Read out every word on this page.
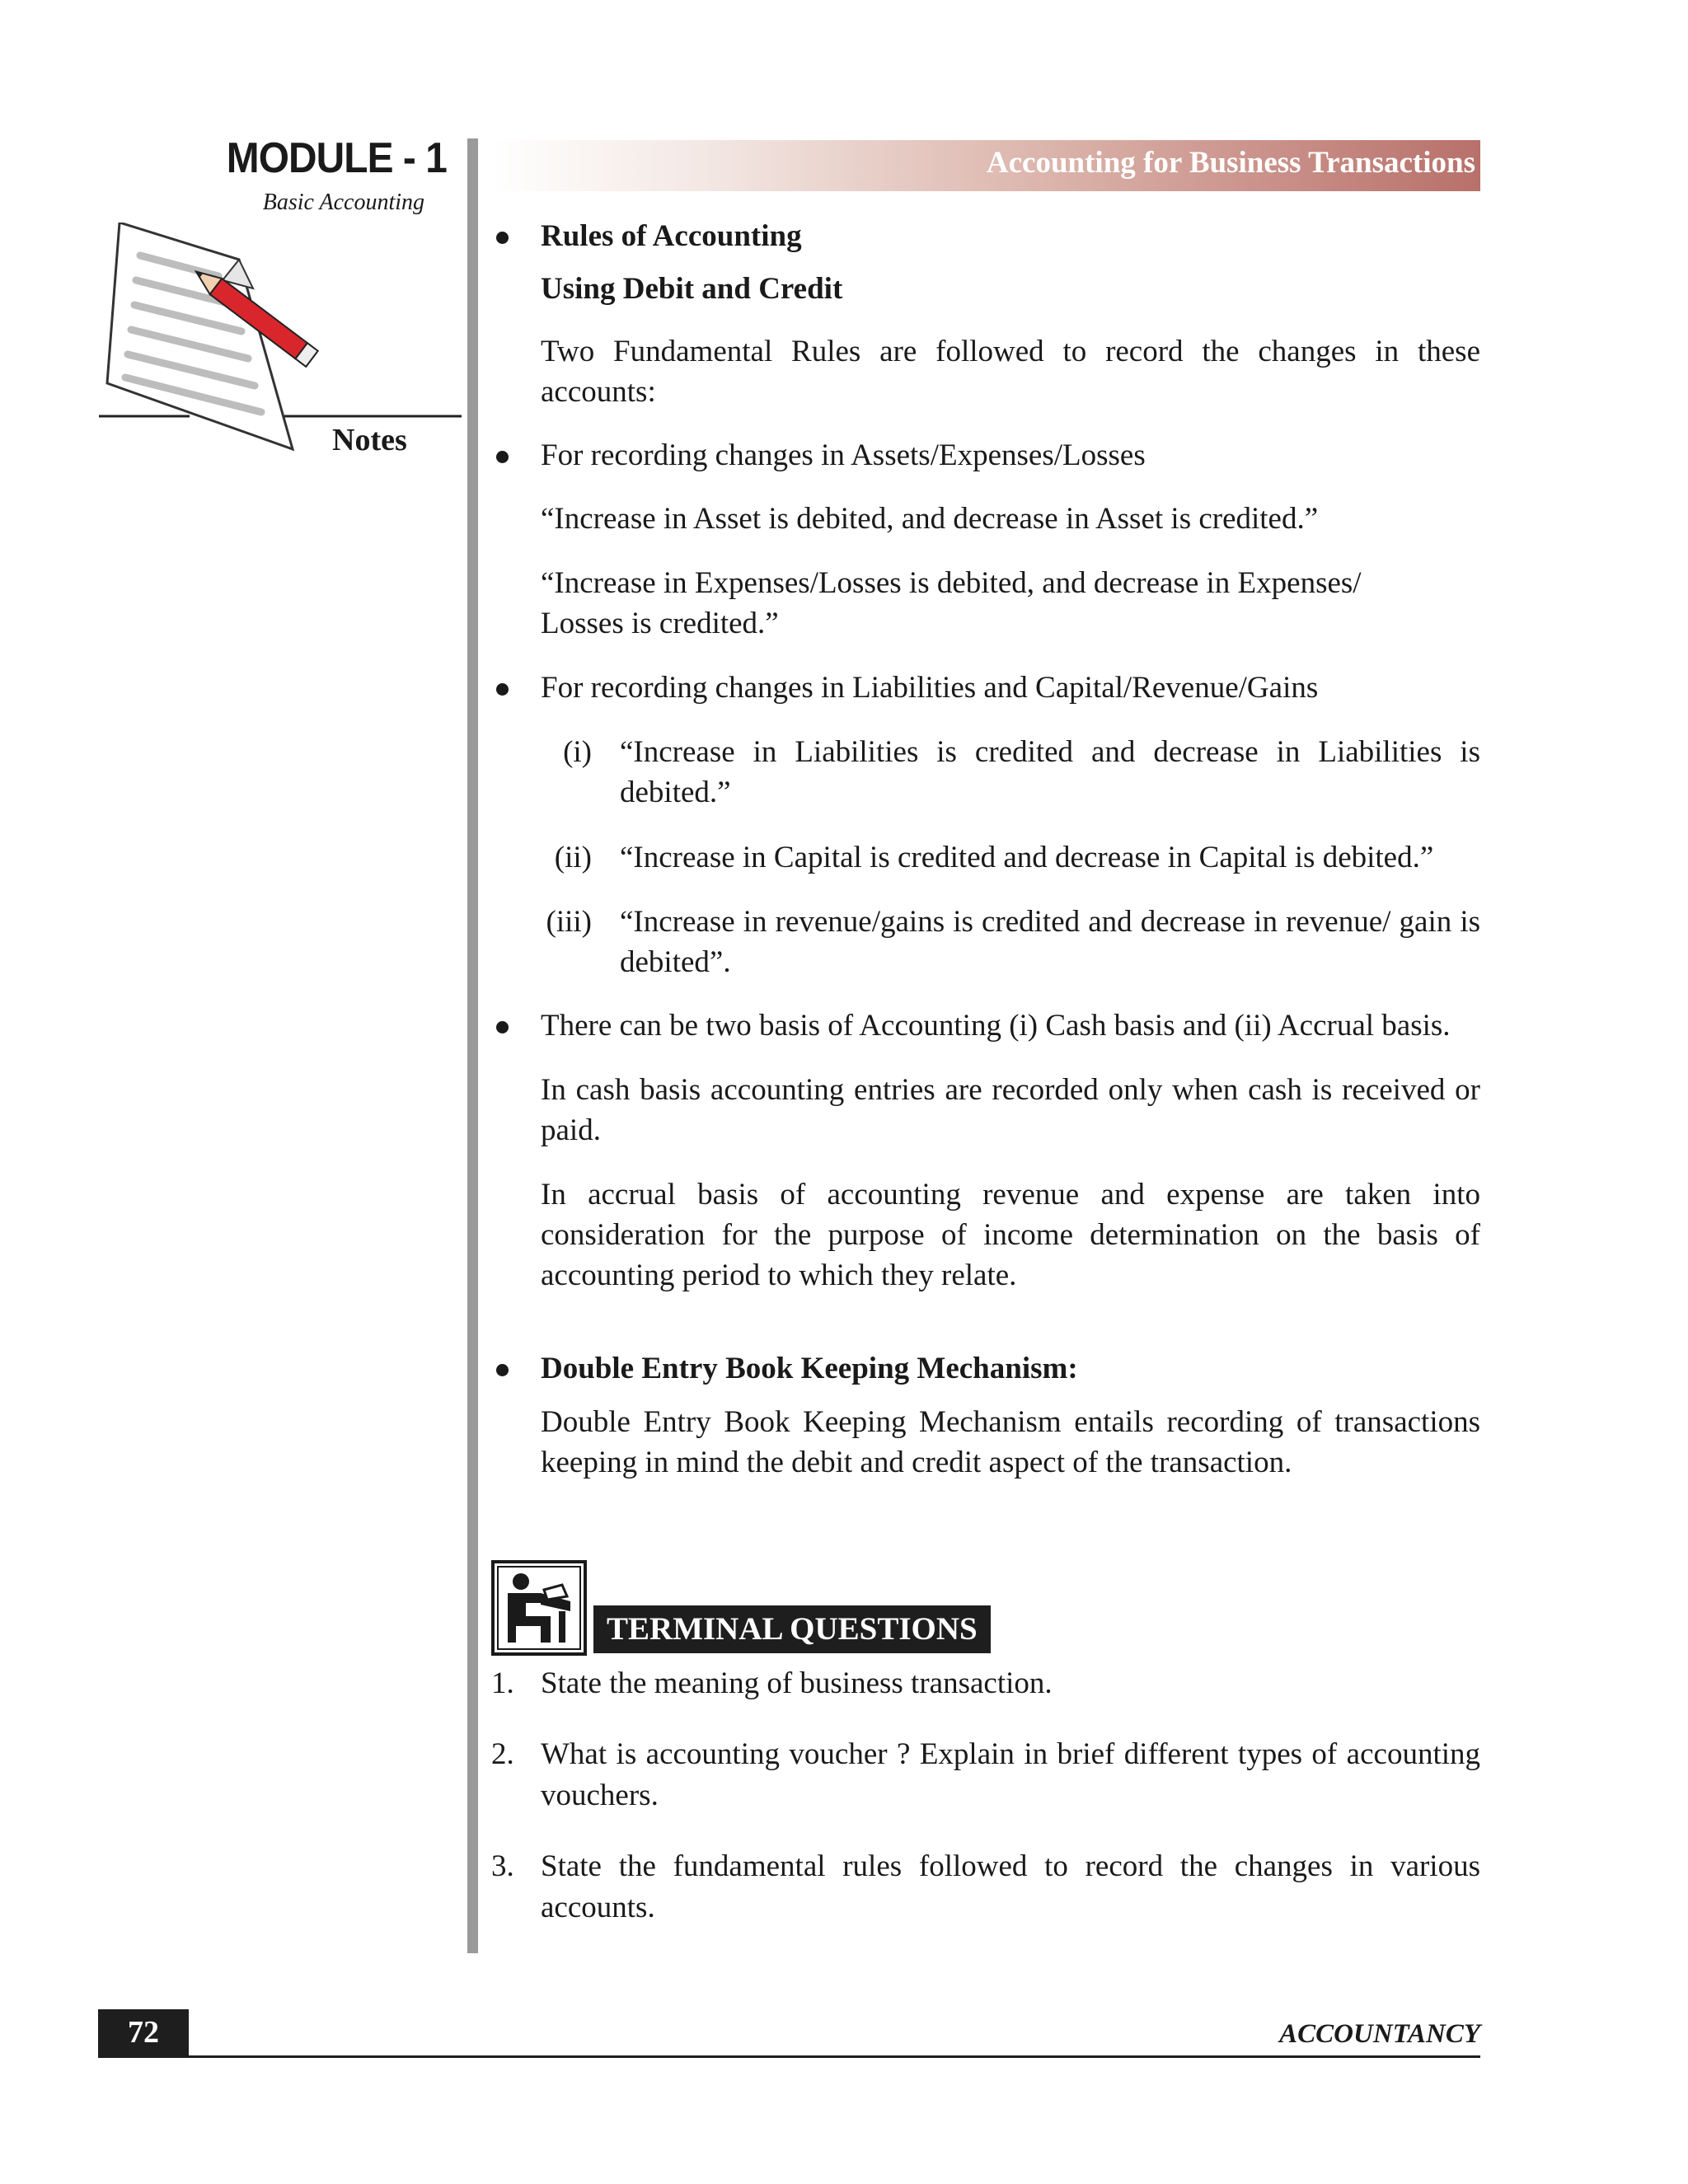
MODULE - 1
Basic Accounting
Notes
Accounting for Business Transactions
Rules of Accounting
Using Debit and Credit
Two Fundamental Rules are followed to record the changes in these accounts:
For recording changes in Assets/Expenses/Losses
“Increase in Asset is debited, and decrease in Asset is credited.”
“Increase in Expenses/Losses is debited, and decrease in Expenses/ Losses is credited.”
For recording changes in Liabilities and Capital/Revenue/Gains
(i) “Increase in Liabilities is credited and decrease in Liabilities is debited.”
(ii) “Increase in Capital is credited and decrease in Capital is debited.”
(iii) “Increase in revenue/gains is credited and decrease in revenue/ gain is debited”.
There can be two basis of Accounting (i) Cash basis and (ii) Accrual basis.
In cash basis accounting entries are recorded only when cash is received or paid.
In accrual basis of accounting revenue and expense are taken into consideration for the purpose of income determination on the basis of accounting period to which they relate.
Double Entry Book Keeping Mechanism:
Double Entry Book Keeping Mechanism entails recording of transactions keeping in mind the debit and credit aspect of the transaction.
TERMINAL QUESTIONS
1. State the meaning of business transaction.
2. What is accounting voucher ? Explain in brief different types of accounting vouchers.
3. State the fundamental rules followed to record the changes in various accounts.
72	ACCOUNTANCY
